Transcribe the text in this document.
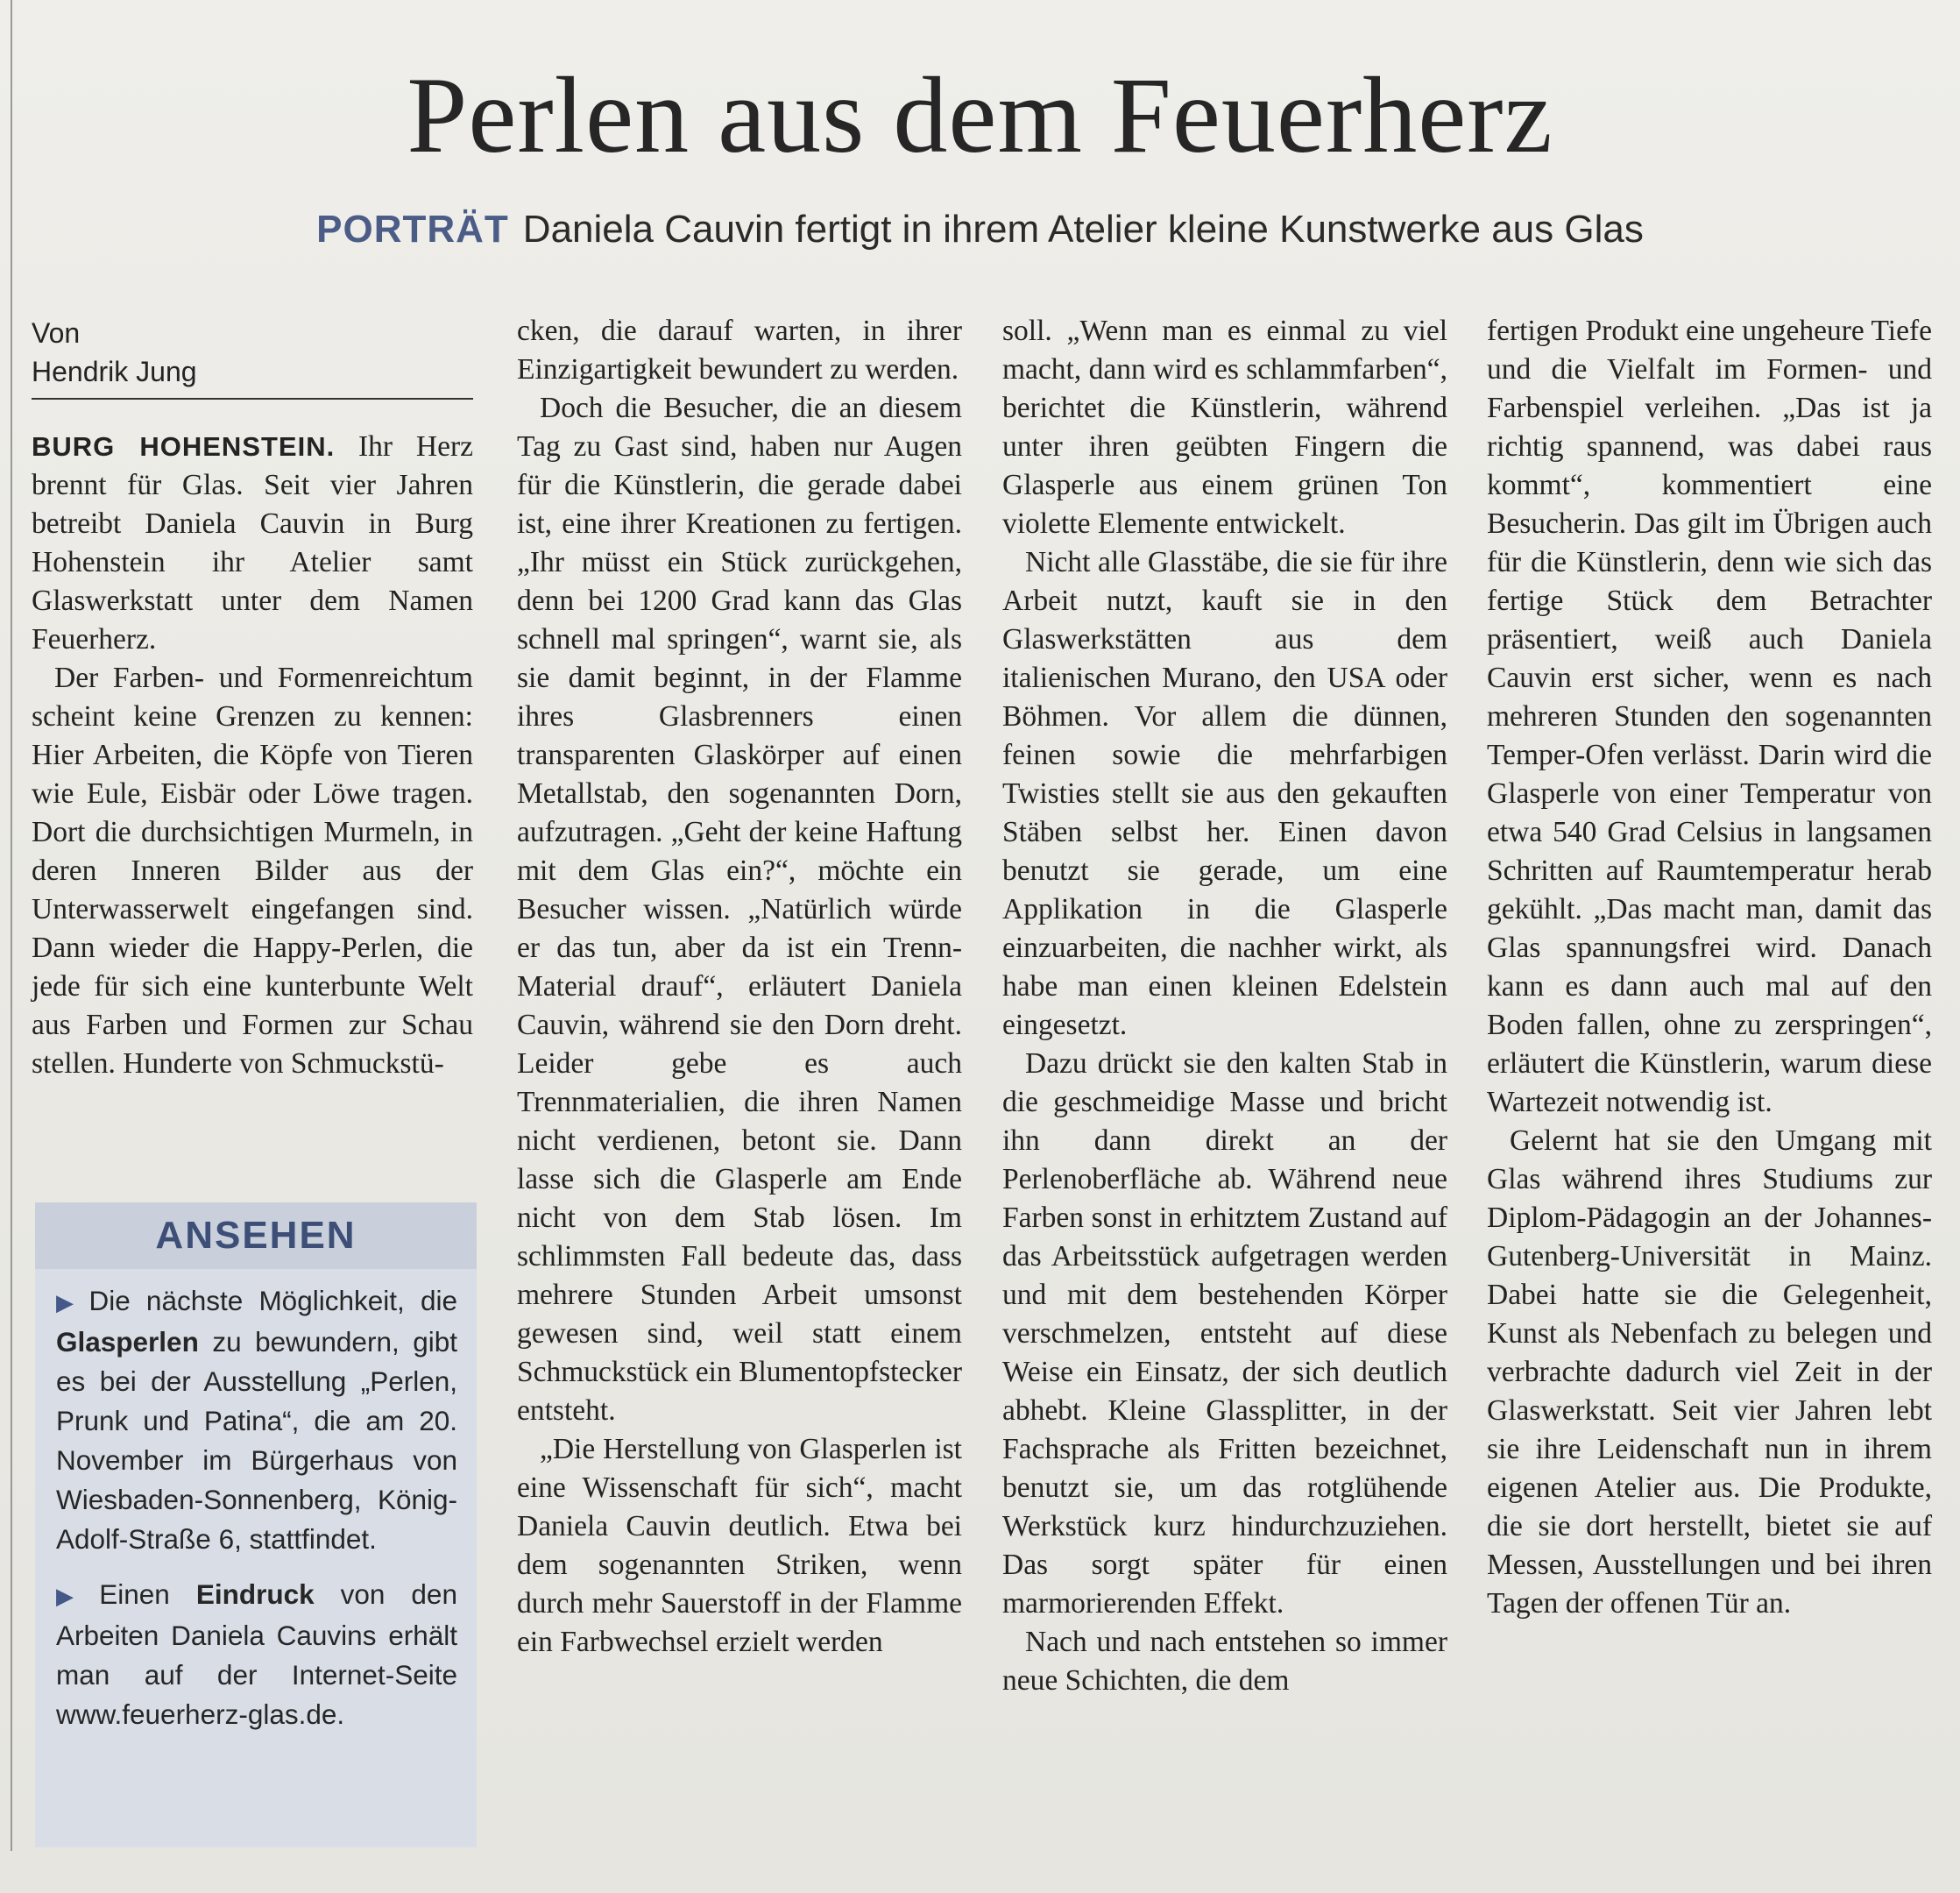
Perlen aus dem Feuerherz
PORTRÄT Daniela Cauvin fertigt in ihrem Atelier kleine Kunstwerke aus Glas
Von
Hendrik Jung

BURG HOHENSTEIN. Ihr Herz brennt für Glas. Seit vier Jahren betreibt Daniela Cauvin in Burg Hohenstein ihr Atelier samt Glaswerkstatt unter dem Namen Feuerherz.

Der Farben- und Formenreichtum scheint keine Grenzen zu kennen: Hier Arbeiten, die Köpfe von Tieren wie Eule, Eisbär oder Löwe tragen. Dort die durchsichtigen Murmeln, in deren Inneren Bilder aus der Unterwasserwelt eingefangen sind. Dann wieder die Happy-Perlen, die jede für sich eine kunterbunte Welt aus Farben und Formen zur Schau stellen. Hunderte von Schmuckstü-

ANSEHEN

▶ Die nächste Möglichkeit, die Glasperlen zu bewundern, gibt es bei der Ausstellung „Perlen, Prunk und Patina“, die am 20. November im Bürgerhaus von Wiesbaden-Sonnenberg, König-Adolf-Straße 6, stattfindet.

▶ Einen Eindruck von den Arbeiten Daniela Cauvins erhält man auf der Internet-Seite www.feuerherz-glas.de.

cken, die darauf warten, in ihrer Einzigartigkeit bewundert zu werden.

Doch die Besucher, die an diesem Tag zu Gast sind, haben nur Augen für die Künstlerin, die gerade dabei ist, eine ihrer Kreationen zu fertigen. „Ihr müsst ein Stück zurückgehen, denn bei 1200 Grad kann das Glas schnell mal springen“, warnt sie, als sie damit beginnt, in der Flamme ihres Glasbrenners einen transparenten Glaskörper auf einen Metallstab, den sogenannten Dorn, aufzutragen. „Geht der keine Haftung mit dem Glas ein?“, möchte ein Besucher wissen. „Natürlich würde er das tun, aber da ist ein Trenn-Material drauf“, erläutert Daniela Cauvin, während sie den Dorn dreht. Leider gebe es auch Trennmaterialien, die ihren Namen nicht verdienen, betont sie. Dann lasse sich die Glasperle am Ende nicht von dem Stab lösen. Im schlimmsten Fall bedeute das, dass mehrere Stunden Arbeit umsonst gewesen sind, weil statt einem Schmuckstück ein Blumentopfstecker entsteht.

„Die Herstellung von Glasperlen ist eine Wissenschaft für sich“, macht Daniela Cauvin deutlich. Etwa bei dem sogenannten Striken, wenn durch mehr Sauerstoff in der Flamme ein Farbwechsel erzielt werden

soll. „Wenn man es einmal zu viel macht, dann wird es schlammfarben“, berichtet die Künstlerin, während unter ihren geübten Fingern die Glasperle aus einem grünen Ton violette Elemente entwickelt.

Nicht alle Glasstäbe, die sie für ihre Arbeit nutzt, kauft sie in den Glaswerkstätten aus dem italienischen Murano, den USA oder Böhmen. Vor allem die dünnen, feinen sowie die mehrfarbigen Twisties stellt sie aus den gekauften Stäben selbst her. Einen davon benutzt sie gerade, um eine Applikation in die Glasperle einzuarbeiten, die nachher wirkt, als habe man einen kleinen Edelstein eingesetzt.

Dazu drückt sie den kalten Stab in die geschmeidige Masse und bricht ihn dann direkt an der Perlenoberfläche ab. Während neue Farben sonst in erhitztem Zustand auf das Arbeitsstück aufgetragen werden und mit dem bestehenden Körper verschmelzen, entsteht auf diese Weise ein Einsatz, der sich deutlich abhebt. Kleine Glassplitter, in der Fachsprache als Fritten bezeichnet, benutzt sie, um das rotglühende Werkstück kurz hindurchzuziehen. Das sorgt später für einen marmorierenden Effekt.

Nach und nach entstehen so immer neue Schichten, die dem

fertigen Produkt eine ungeheure Tiefe und die Vielfalt im Formen- und Farbenspiel verleihen. „Das ist ja richtig spannend, was dabei raus kommt“, kommentiert eine Besucherin. Das gilt im Übrigen auch für die Künstlerin, denn wie sich das fertige Stück dem Betrachter präsentiert, weiß auch Daniela Cauvin erst sicher, wenn es nach mehreren Stunden den sogenannten Temper-Ofen verlässt. Darin wird die Glasperle von einer Temperatur von etwa 540 Grad Celsius in langsamen Schritten auf Raumtemperatur herab gekühlt. „Das macht man, damit das Glas spannungsfrei wird. Danach kann es dann auch mal auf den Boden fallen, ohne zu zerspringen“, erläutert die Künstlerin, warum diese Wartezeit notwendig ist.

Gelernt hat sie den Umgang mit Glas während ihres Studiums zur Diplom-Pädagogin an der Johannes-Gutenberg-Universität in Mainz. Dabei hatte sie die Gelegenheit, Kunst als Nebenfach zu belegen und verbrachte dadurch viel Zeit in der Glaswerkstatt. Seit vier Jahren lebt sie ihre Leidenschaft nun in ihrem eigenen Atelier aus. Die Produkte, die sie dort herstellt, bietet sie auf Messen, Ausstellungen und bei ihren Tagen der offenen Tür an.
